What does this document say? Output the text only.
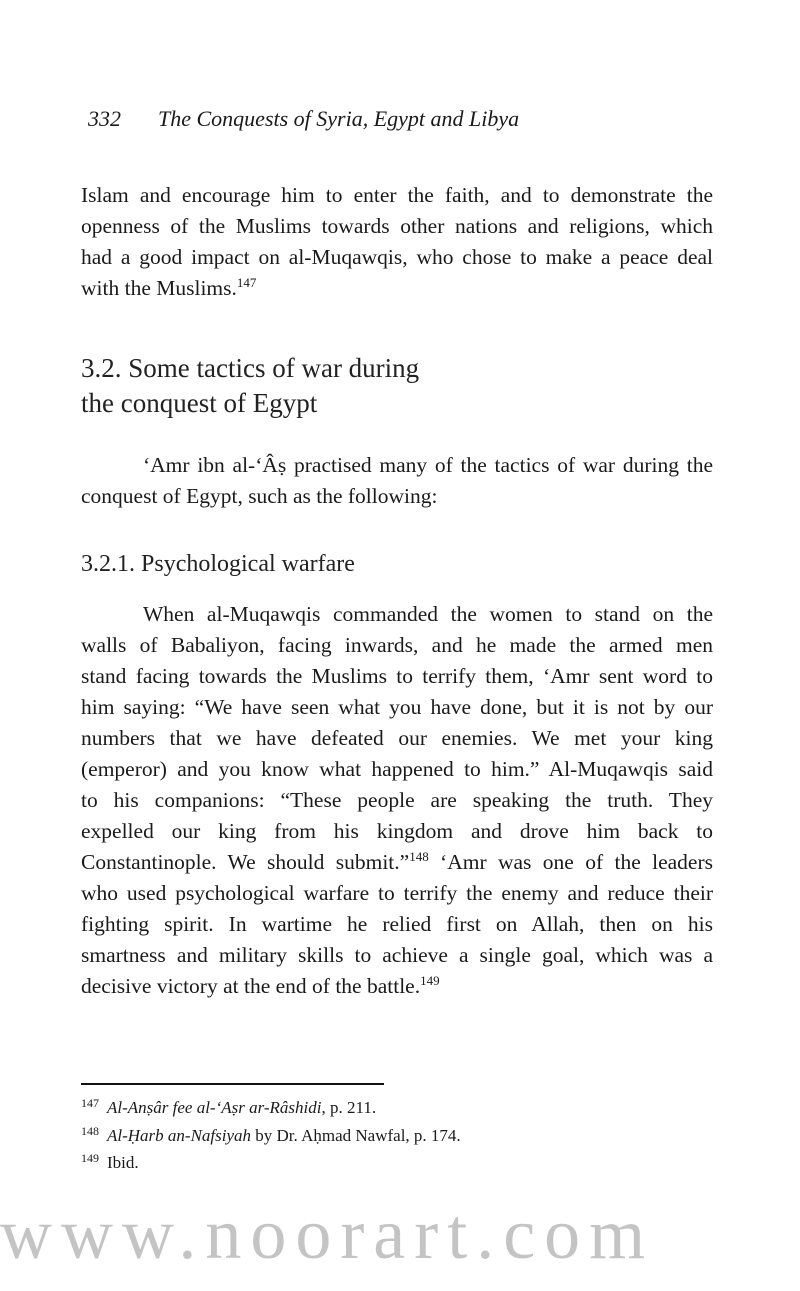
332 The Conquests of Syria, Egypt and Libya
Islam and encourage him to enter the faith, and to demonstrate the
openness of the Muslims towards other nations and religions, which
had a good impact on al-Muqawqis, who chose to make a peace deal
with the Muslims.$^{147}$
3.2. Some tactics of war during
the conquest of Egypt
‘Amr ibn al-‘Âṣ practised many of the tactics of war during the
conquest of Egypt, such as the following:
3.2.1. Psychological warfare
When al-Muqawqis commanded the women to stand on the
walls of Babaliyon, facing inwards, and he made the armed men
stand facing towards the Muslims to terrify them, ‘Amr sent word to
him saying: “We have seen what you have done, but it is not by our
numbers that we have defeated our enemies. We met your king
(emperor) and you know what happened to him.” Al-Muqawqis said
to his companions: “These people are speaking the truth. They
expelled our king from his kingdom and drove him back to
Constantinople. We should submit.”$^{148}$ ‘Amr was one of the leaders
who used psychological warfare to terrify the enemy and reduce their
fighting spirit. In wartime he relied first on Allah, then on his
smartness and military skills to achieve a single goal, which was a
decisive victory at the end of the battle.$^{149}$
$^{147}$ Al-Anṣâr fee al-‘Aṣr ar-Râshidi, p. 211.
$^{148}$ Al-Ḥarb an-Nafsiyah by Dr. Aḥmad Nawfal, p. 174.
$^{149}$ Ibid.
www.noorart.com
